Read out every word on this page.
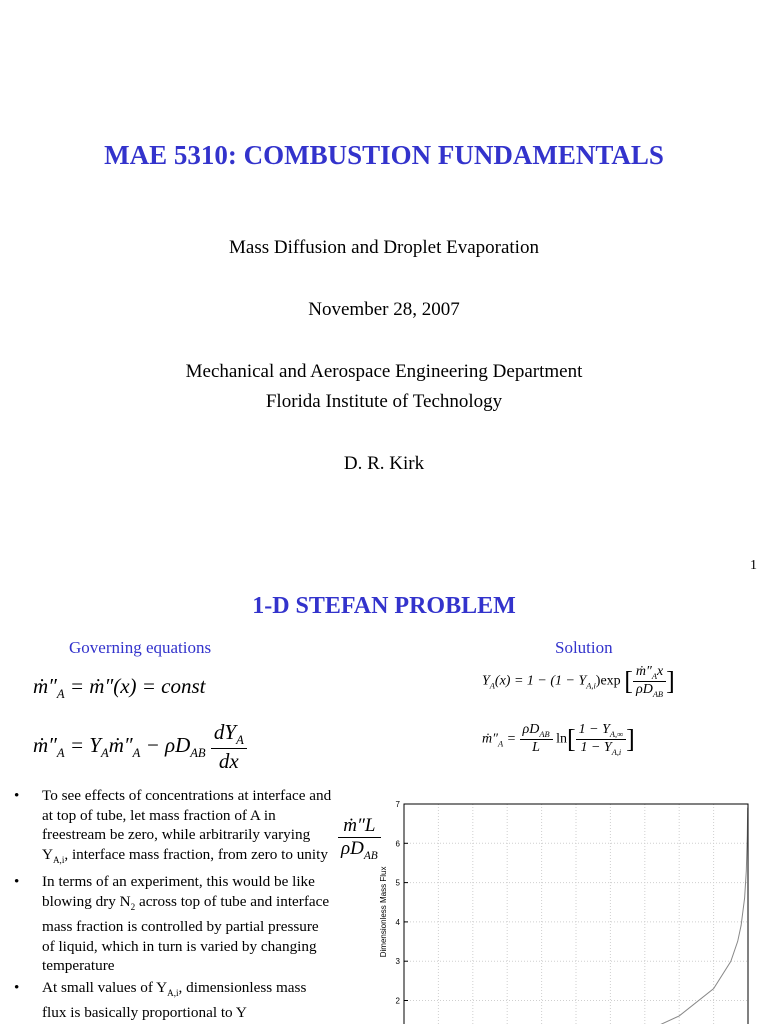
MAE 5310: COMBUSTION FUNDAMENTALS
Mass Diffusion and Droplet Evaporation
November 28, 2007
Mechanical and Aerospace Engineering Department
Florida Institute of Technology
D. R. Kirk
1
1-D STEFAN PROBLEM
Governing equations	Solution
$ṁ''_A$ = ṁ″(x) = const
$ṁ''_A$ = $Y_Aṁ''_A - \rho D_{AB} \frac{dY_A}{dx}$
$Y_A(x) = 1 - (1 - Y_{A,i})\exp$ [ $\frac{ṁ''_Ax}{\rho D_{AB}}$ ]
$ṁ''_A = \frac{\rho D_{AB}}{L} \ln[ \frac{1 - Y_{A,\infty}}{1 - Y_{A,i}}$ ]
•	To see effects of concentrations at interface and at top of tube, let mass fraction of A in freestream be zero, while arbitrarily varying $Y_{A,i}$, interface mass fraction, from zero to unity
•	In terms of an experiment, this would be like blowing dry $N_2$ across top of tube and interface mass fraction is controlled by partial pressure of liquid, which in turn is varied by changing temperature
•	At small values of $Y_{A,i}$, dimensionless mass flux is basically proportional to Y
$\frac{\text{ṁ″L}}{\rho D_{AB}}$
2
3
4
5
6
7
Dimensionless Mass Flux
